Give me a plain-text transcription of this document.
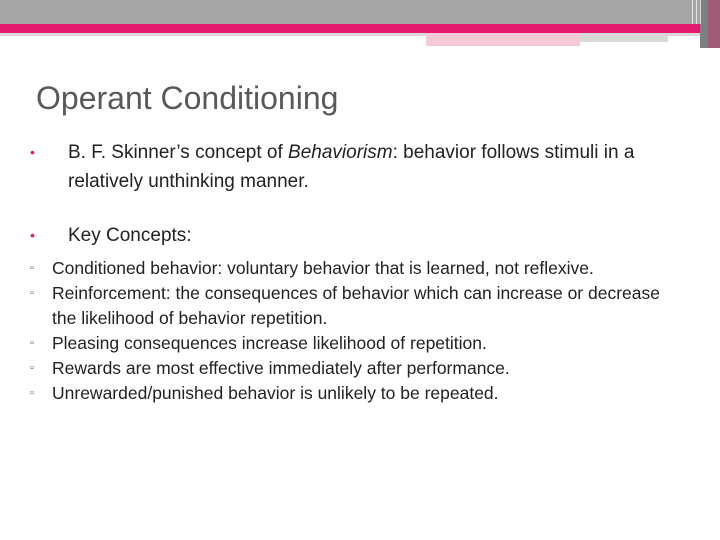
Operant Conditioning
•	B. F. Skinner’s concept of Behaviorism: behavior follows stimuli in a relatively unthinking manner.
•	Key Concepts:
▫	Conditioned behavior: voluntary behavior that is learned, not reflexive.
▫	Reinforcement: the consequences of behavior which can increase or decrease the likelihood of behavior repetition.
▫	Pleasing consequences increase likelihood of repetition.
▫	Rewards are most effective immediately after performance.
▫	Unrewarded/punished behavior is unlikely to be repeated.
